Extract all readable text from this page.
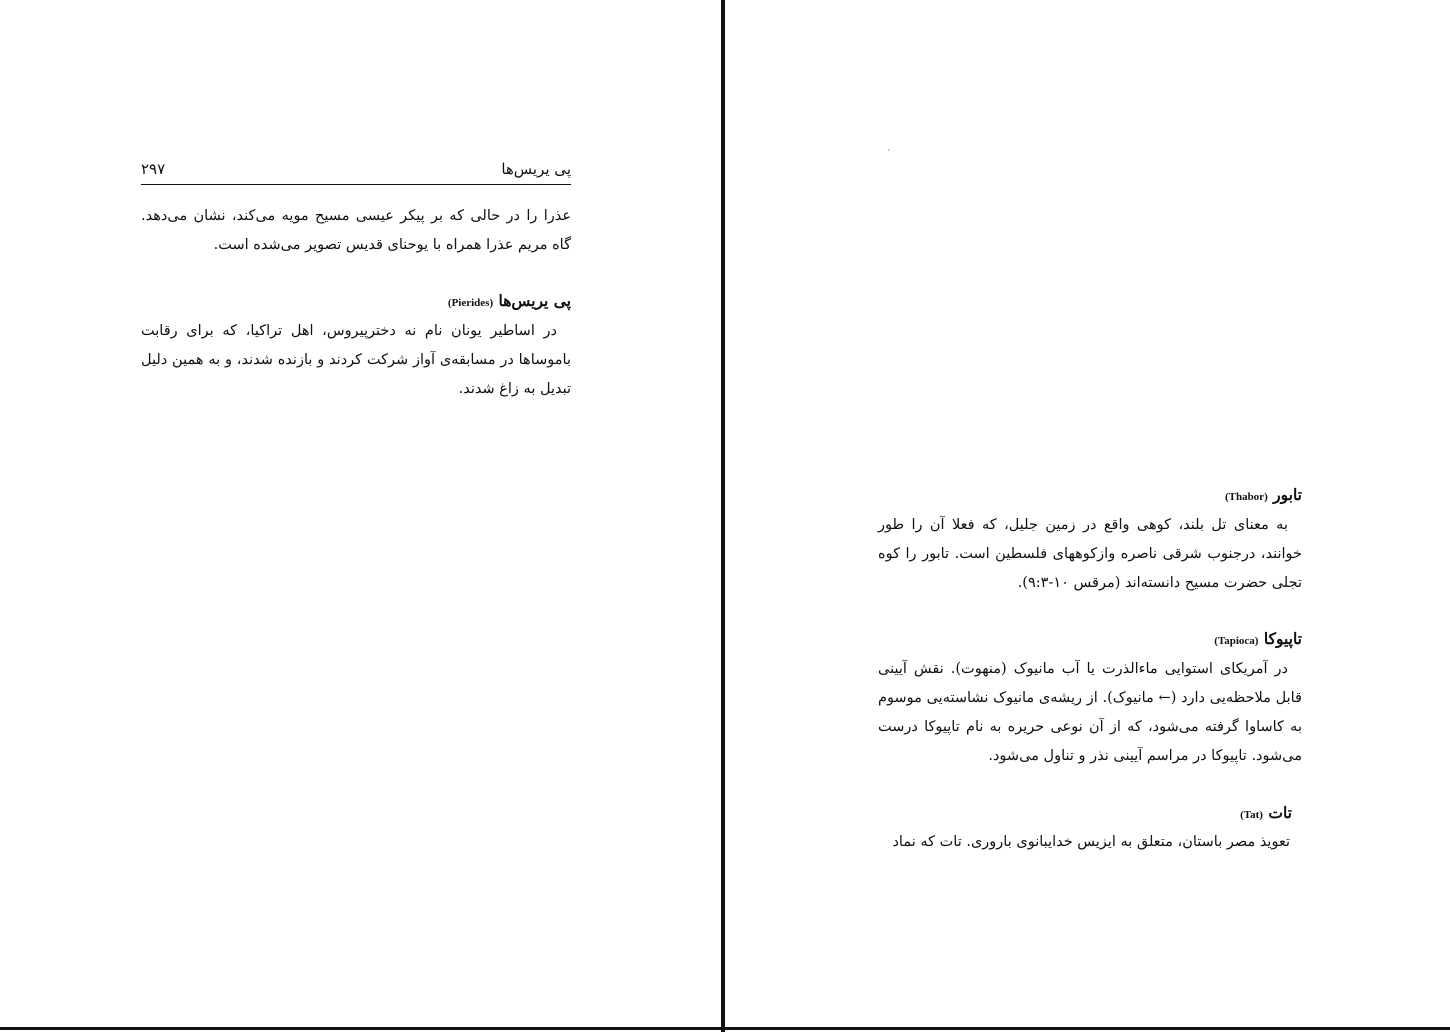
پی یریس‌ها
۲۹۷

عذرا را در حالی که بر پیکر عیسی مسیح مویه می‌کند، نشان می‌دهد. گاه مریم عذرا همراه با یوحنای قدیس تصویر می‌شده است.

پی یریس‌ها (Pierides)

در اساطیر یونان نام نه دخترپیروس، اهل تراکیا، که برای رقابت باموساها در مسابقه‌ی آواز شرکت کردند و بازنده شدند، و به همین دلیل تبدیل به زاغ شدند.

تابور (Thabor)

به معنای تل بلند، کوهی واقع در زمین جلیل، که فعلا آن را طور خوانند، درجنوب شرقی ناصره وازکوههای فلسطین است. تابور را کوه تجلی حضرت مسیح دانسته‌اند (مرقس ۱۰-۹:۳).

تاپیوکا (Tapioca)

در آمریکای استوایی ماءالذرت یا آب مانیوک (منهوت). نقش آیینی قابل ملاحظه‌یی دارد (← مانیوک). از ریشه‌ی مانیوک نشاسته‌یی موسوم به کاساوا گرفته می‌شود، که از آن نوعی حریره به نام تاپیوکا درست می‌شود. تاپیوکا در مراسم آیینی نذر و تناول می‌شود.

تات (Tat)

تعویذ مصر باستان، متعلق به ایزیس خدایبانوی باروری. تات که نماد
